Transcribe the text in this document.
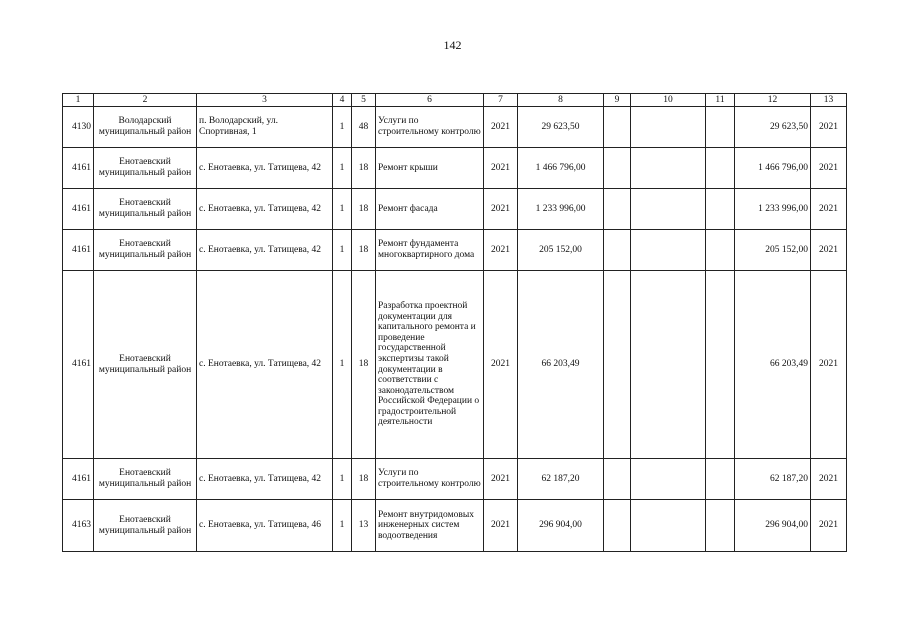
142
1	2	3	4	5	6	7	8	9	10	11	12	13
4130	Володарский муниципальный район	п. Володарский, ул. Спортивная, 1	1	48	Услуги по строительному контролю	2021	29 623,50				29 623,50	2021
4161	Енотаевский муниципальный район	с. Енотаевка, ул. Татищева, 42	1	18	Ремонт крыши	2021	1 466 796,00				1 466 796,00	2021
4161	Енотаевский муниципальный район	с. Енотаевка, ул. Татищева, 42	1	18	Ремонт фасада	2021	1 233 996,00				1 233 996,00	2021
4161	Енотаевский муниципальный район	с. Енотаевка, ул. Татищева, 42	1	18	Ремонт фундамента многоквартирного дома	2021	205 152,00				205 152,00	2021
4161	Енотаевский муниципальный район	с. Енотаевка, ул. Татищева, 42	1	18	Разработка проектной документации для капитального ремонта и проведение государственной экспертизы такой документации в соответствии с законодательством Российской Федерации о градостроительной деятельности	2021	66 203,49				66 203,49	2021
4161	Енотаевский муниципальный район	с. Енотаевка, ул. Татищева, 42	1	18	Услуги по строительному контролю	2021	62 187,20				62 187,20	2021
4163	Енотаевский муниципальный район	с. Енотаевка, ул. Татищева, 46	1	13	Ремонт внутридомовых инженерных систем водоотведения	2021	296 904,00				296 904,00	2021
